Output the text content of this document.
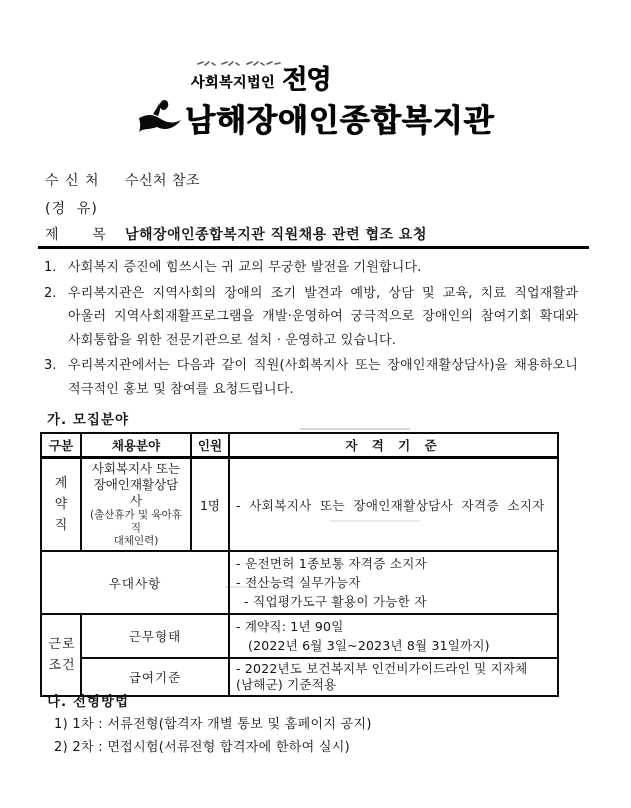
사회복지법인 전영
남해장애인종합복지관
수 신 처	수신처 참조
(경  유)
제      목	남해장애인종합복지관 직원채용 관련 협조 요청
1. 사회복지 증진에 힘쓰시는 귀 교의 무궁한 발전을 기원합니다.
2. 우리복지관은 지역사회의 장애의 조기 발견과 예방, 상담 및 교육, 치료 직업재활과
아울러 지역사회재활프로그램을 개발·운영하여 궁극적으로 장애인의 참여기회 확대와
사회통합을 위한 전문기관으로 설치 · 운영하고 있습니다.
3. 우리복지관에서는 다음과 같이 직원(사회복지사 또는 장애인재활상담사)을 채용하오니
적극적인 홍보 및 참여를 요청드립니다.
가. 모집분야
구분	채용분야	인원	자 격 기 준

계약직	사회복지사 또는
장애인재활상담사
(출산휴가 및 육아휴직
대체인력)	1명	- 사회복지사 또는 장애인재활상담사 자격증 소지자
우대사항			- 운전면허 1종보통 자격증 소지자
- 전산능력 실무가능자
- 직업평가도구 활용이 가능한 자

근로조건	근무형태		- 계약직: 1년 90일
(2022년 6월 3일~2023년 8월 31일까지)

	급여기준		- 2022년도 보건복지부 인건비가이드라인 및 지자체
(남해군) 기준적용
나. 전형방법
1) 1차 : 서류전형(합격자 개별 통보 및 홈페이지 공지)
2) 2차 : 면접시험(서류전형 합격자에 한하여 실시)
